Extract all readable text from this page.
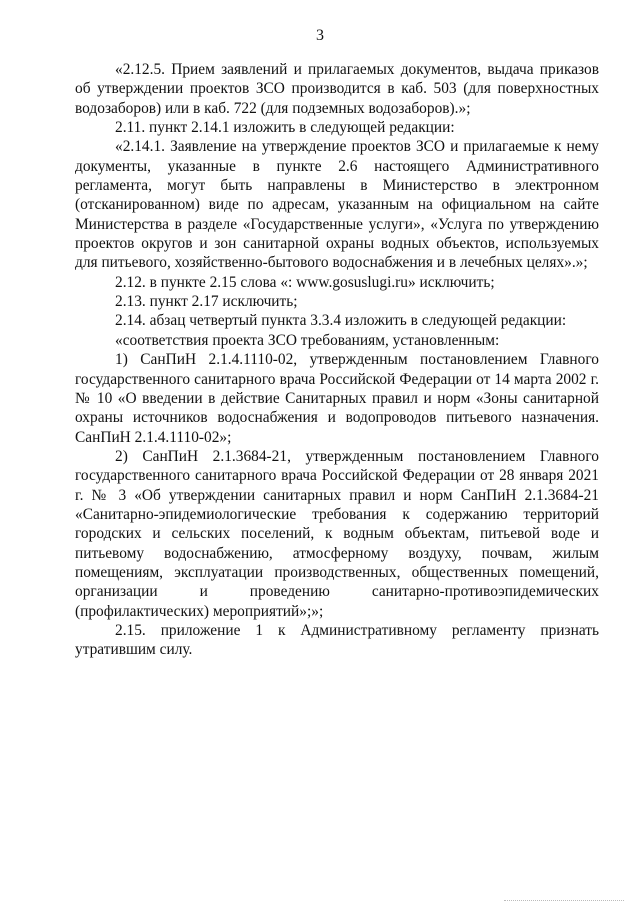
3

«2.12.5. Прием заявлений и прилагаемых документов, выдача приказов об утверждении проектов ЗСО производится в каб. 503 (для поверхностных водозаборов) или в каб. 722 (для подземных водозаборов).»;

2.11. пункт 2.14.1 изложить в следующей редакции:

«2.14.1. Заявление на утверждение проектов ЗСО и прилагаемые к нему документы, указанные в пункте 2.6 настоящего Административного регламента, могут быть направлены в Министерство в электронном (отсканированном) виде по адресам, указанным на официальном на сайте Министерства в разделе «Государственные услуги», «Услуга по утверждению проектов округов и зон санитарной охраны водных объектов, используемых для питьевого, хозяйственно-бытового водоснабжения и в лечебных целях».»;

2.12. в пункте 2.15 слова «: www.gosuslugi.ru» исключить;

2.13. пункт 2.17 исключить;

2.14. абзац четвертый пункта 3.3.4 изложить в следующей редакции:

«соответствия проекта ЗСО требованиям, установленным:

1) СанПиН 2.1.4.1110-02, утвержденным постановлением Главного государственного санитарного врача Российской Федерации от 14 марта 2002 г. № 10 «О введении в действие Санитарных правил и норм «Зоны санитарной охраны источников водоснабжения и водопроводов питьевого назначения. СанПиН 2.1.4.1110-02»;

2) СанПиН 2.1.3684-21, утвержденным постановлением Главного государственного санитарного врача Российской Федерации от 28 января 2021 г. № 3 «Об утверждении санитарных правил и норм СанПиН 2.1.3684-21 «Санитарно-эпидемиологические требования к содержанию территорий городских и сельских поселений, к водным объектам, питьевой воде и питьевому водоснабжению, атмосферному воздуху, почвам, жилым помещениям, эксплуатации производственных, общественных помещений, организации и проведению санитарно-противоэпидемических (профилактических) мероприятий»;»;

2.15. приложение 1 к Административному регламенту признать утратившим силу.
